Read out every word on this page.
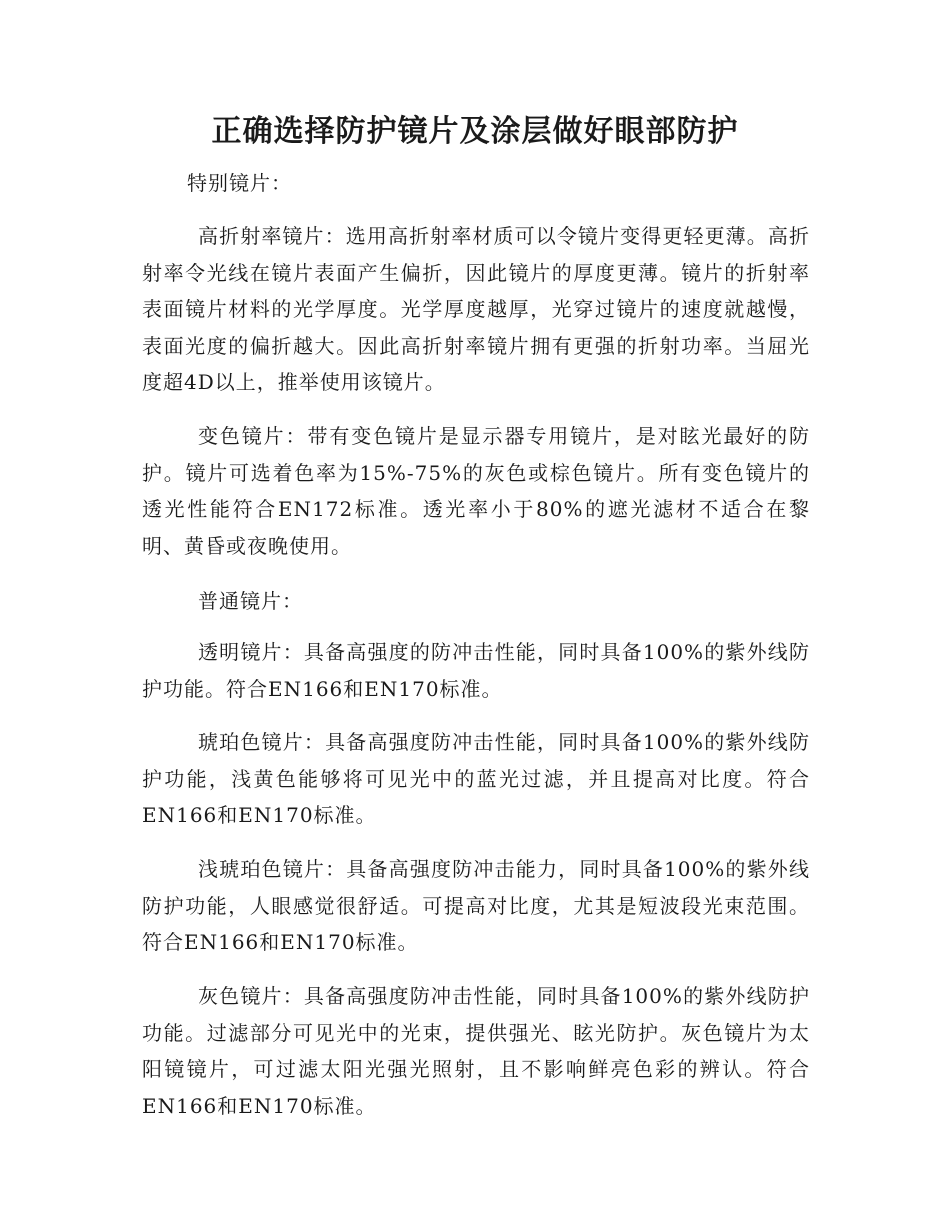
正确选择防护镜片及涂层做好眼部防护
特别镜片：

高折射率镜片：选用高折射率材质可以令镜片变得更轻更薄。高折射率令光线在镜片表面产生偏折，因此镜片的厚度更薄。镜片的折射率表面镜片材料的光学厚度。光学厚度越厚，光穿过镜片的速度就越慢，表面光度的偏折越大。因此高折射率镜片拥有更强的折射功率。当屈光度超4D以上，推举使用该镜片。

变色镜片：带有变色镜片是显示器专用镜片，是对眩光最好的防护。镜片可选着色率为15%-75%的灰色或棕色镜片。所有变色镜片的透光性能符合EN172标准。透光率小于80%的遮光滤材不适合在黎明、黄昏或夜晚使用。

普通镜片：

透明镜片：具备高强度的防冲击性能，同时具备100%的紫外线防护功能。符合EN166和EN170标准。

琥珀色镜片：具备高强度防冲击性能，同时具备100%的紫外线防护功能，浅黄色能够将可见光中的蓝光过滤，并且提高对比度。符合EN166和EN170标准。

浅琥珀色镜片：具备高强度防冲击能力，同时具备100%的紫外线防护功能，人眼感觉很舒适。可提高对比度，尤其是短波段光束范围。符合EN166和EN170标准。

灰色镜片：具备高强度防冲击性能，同时具备100%的紫外线防护功能。过滤部分可见光中的光束，提供强光、眩光防护。灰色镜片为太阳镜镜片，可过滤太阳光强光照射，且不影响鲜亮色彩的辨认。符合EN166和EN170标准。
